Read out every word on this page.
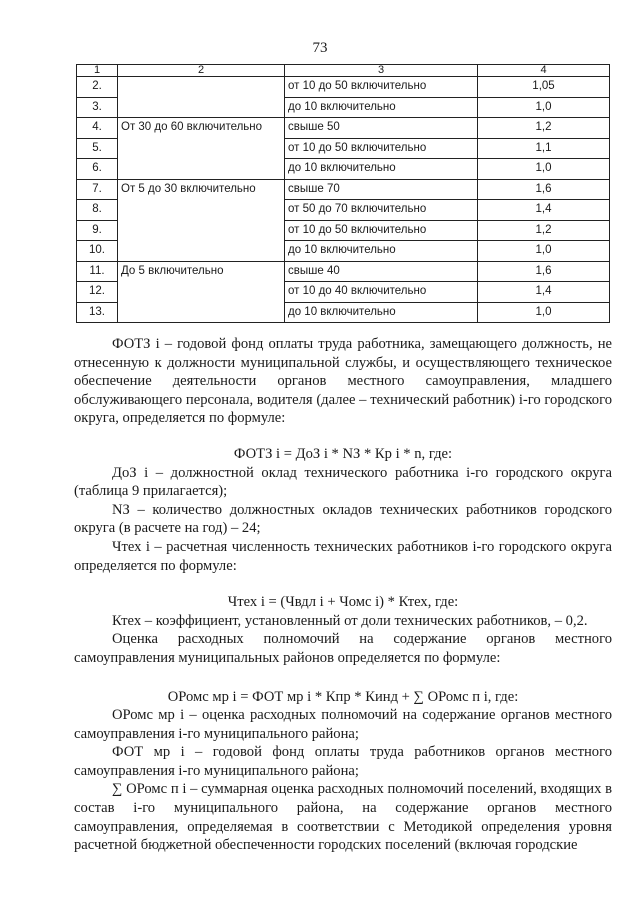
73
1	2	3	4
2.		от 10 до 50 включительно	1,05
3.		до 10 включительно	1,0
4.	От 30 до 60 включительно	свыше 50	1,2
5.		от 10 до 50 включительно	1,1
6.		до 10 включительно	1,0
7.	От 5 до 30 включительно	свыше 70	1,6
8.		от 50 до 70 включительно	1,4
9.		от 10 до 50 включительно	1,2
10.		до 10 включительно	1,0
11.	До 5 включительно	свыше 40	1,6
12.		от 10 до 40 включительно	1,4
13.		до 10 включительно	1,0

ФОТЗ i – годовой фонд оплаты труда работника, замещающего должность, не отнесенную к должности муниципальной службы, и осуществляющего техническое обеспечение деятельности органов местного самоуправления, младшего обслуживающего персонала, водителя (далее – технический работник) i-го городского округа, определяется по формуле:

ФОТЗ i = ДоЗ i * NЗ * Кр i * n, где:

ДоЗ i – должностной оклад технического работника i-го городского округа (таблица 9 прилагается);

NЗ – количество должностных окладов технических работников городского округа (в расчете на год) – 24;

Чтех i – расчетная численность технических работников i-го городского округа определяется по формуле:

Чтех i = (Чвдл i + Чомс i) * Ктех, где:

Ктех – коэффициент, установленный от доли технических работников, – 0,2.

Оценка расходных полномочий на содержание органов местного самоуправления муниципальных районов определяется по формуле:

ОРомс мр i = ФОТ мр i * Кпр * Кинд + ∑ ОРомс п i, где:

ОРомс мр i – оценка расходных полномочий на содержание органов местного самоуправления i-го муниципального района;

ФОТ мр i – годовой фонд оплаты труда работников органов местного самоуправления i-го муниципального района;

∑ ОРомс п i – суммарная оценка расходных полномочий поселений, входящих в состав i-го муниципального района, на содержание органов местного самоуправления, определяемая в соответствии с Методикой определения уровня расчетной бюджетной обеспеченности городских поселений (включая городские
